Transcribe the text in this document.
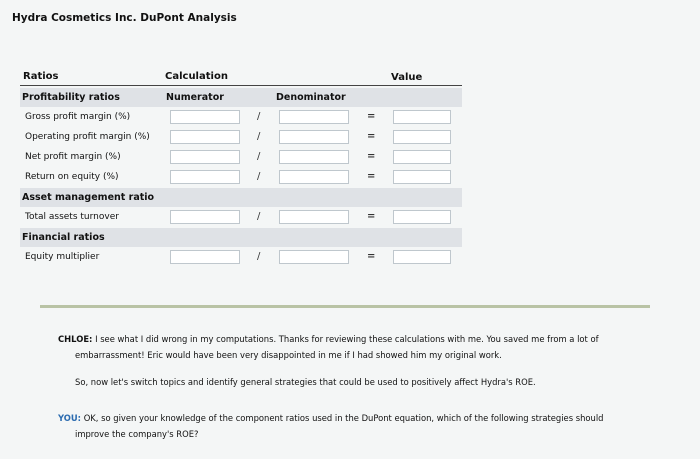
Hydra Cosmetics Inc. DuPont Analysis
Ratios	Calculation	Value
Profitability ratios	Numerator	Denominator
Gross profit margin (%)	/	=
Operating profit margin (%)	/	=
Net profit margin (%)	/	=
Return on equity (%)	/	=
Asset management ratio
Total assets turnover	/	=
Financial ratios
Equity multiplier	/	=
CHLOE: I see what I did wrong in my computations. Thanks for reviewing these calculations with me. You saved me from a lot of
embarrassment! Eric would have been very disappointed in me if I had showed him my original work.
So, now let's switch topics and identify general strategies that could be used to positively affect Hydra's ROE.
YOU: OK, so given your knowledge of the component ratios used in the DuPont equation, which of the following strategies should
improve the company's ROE?
